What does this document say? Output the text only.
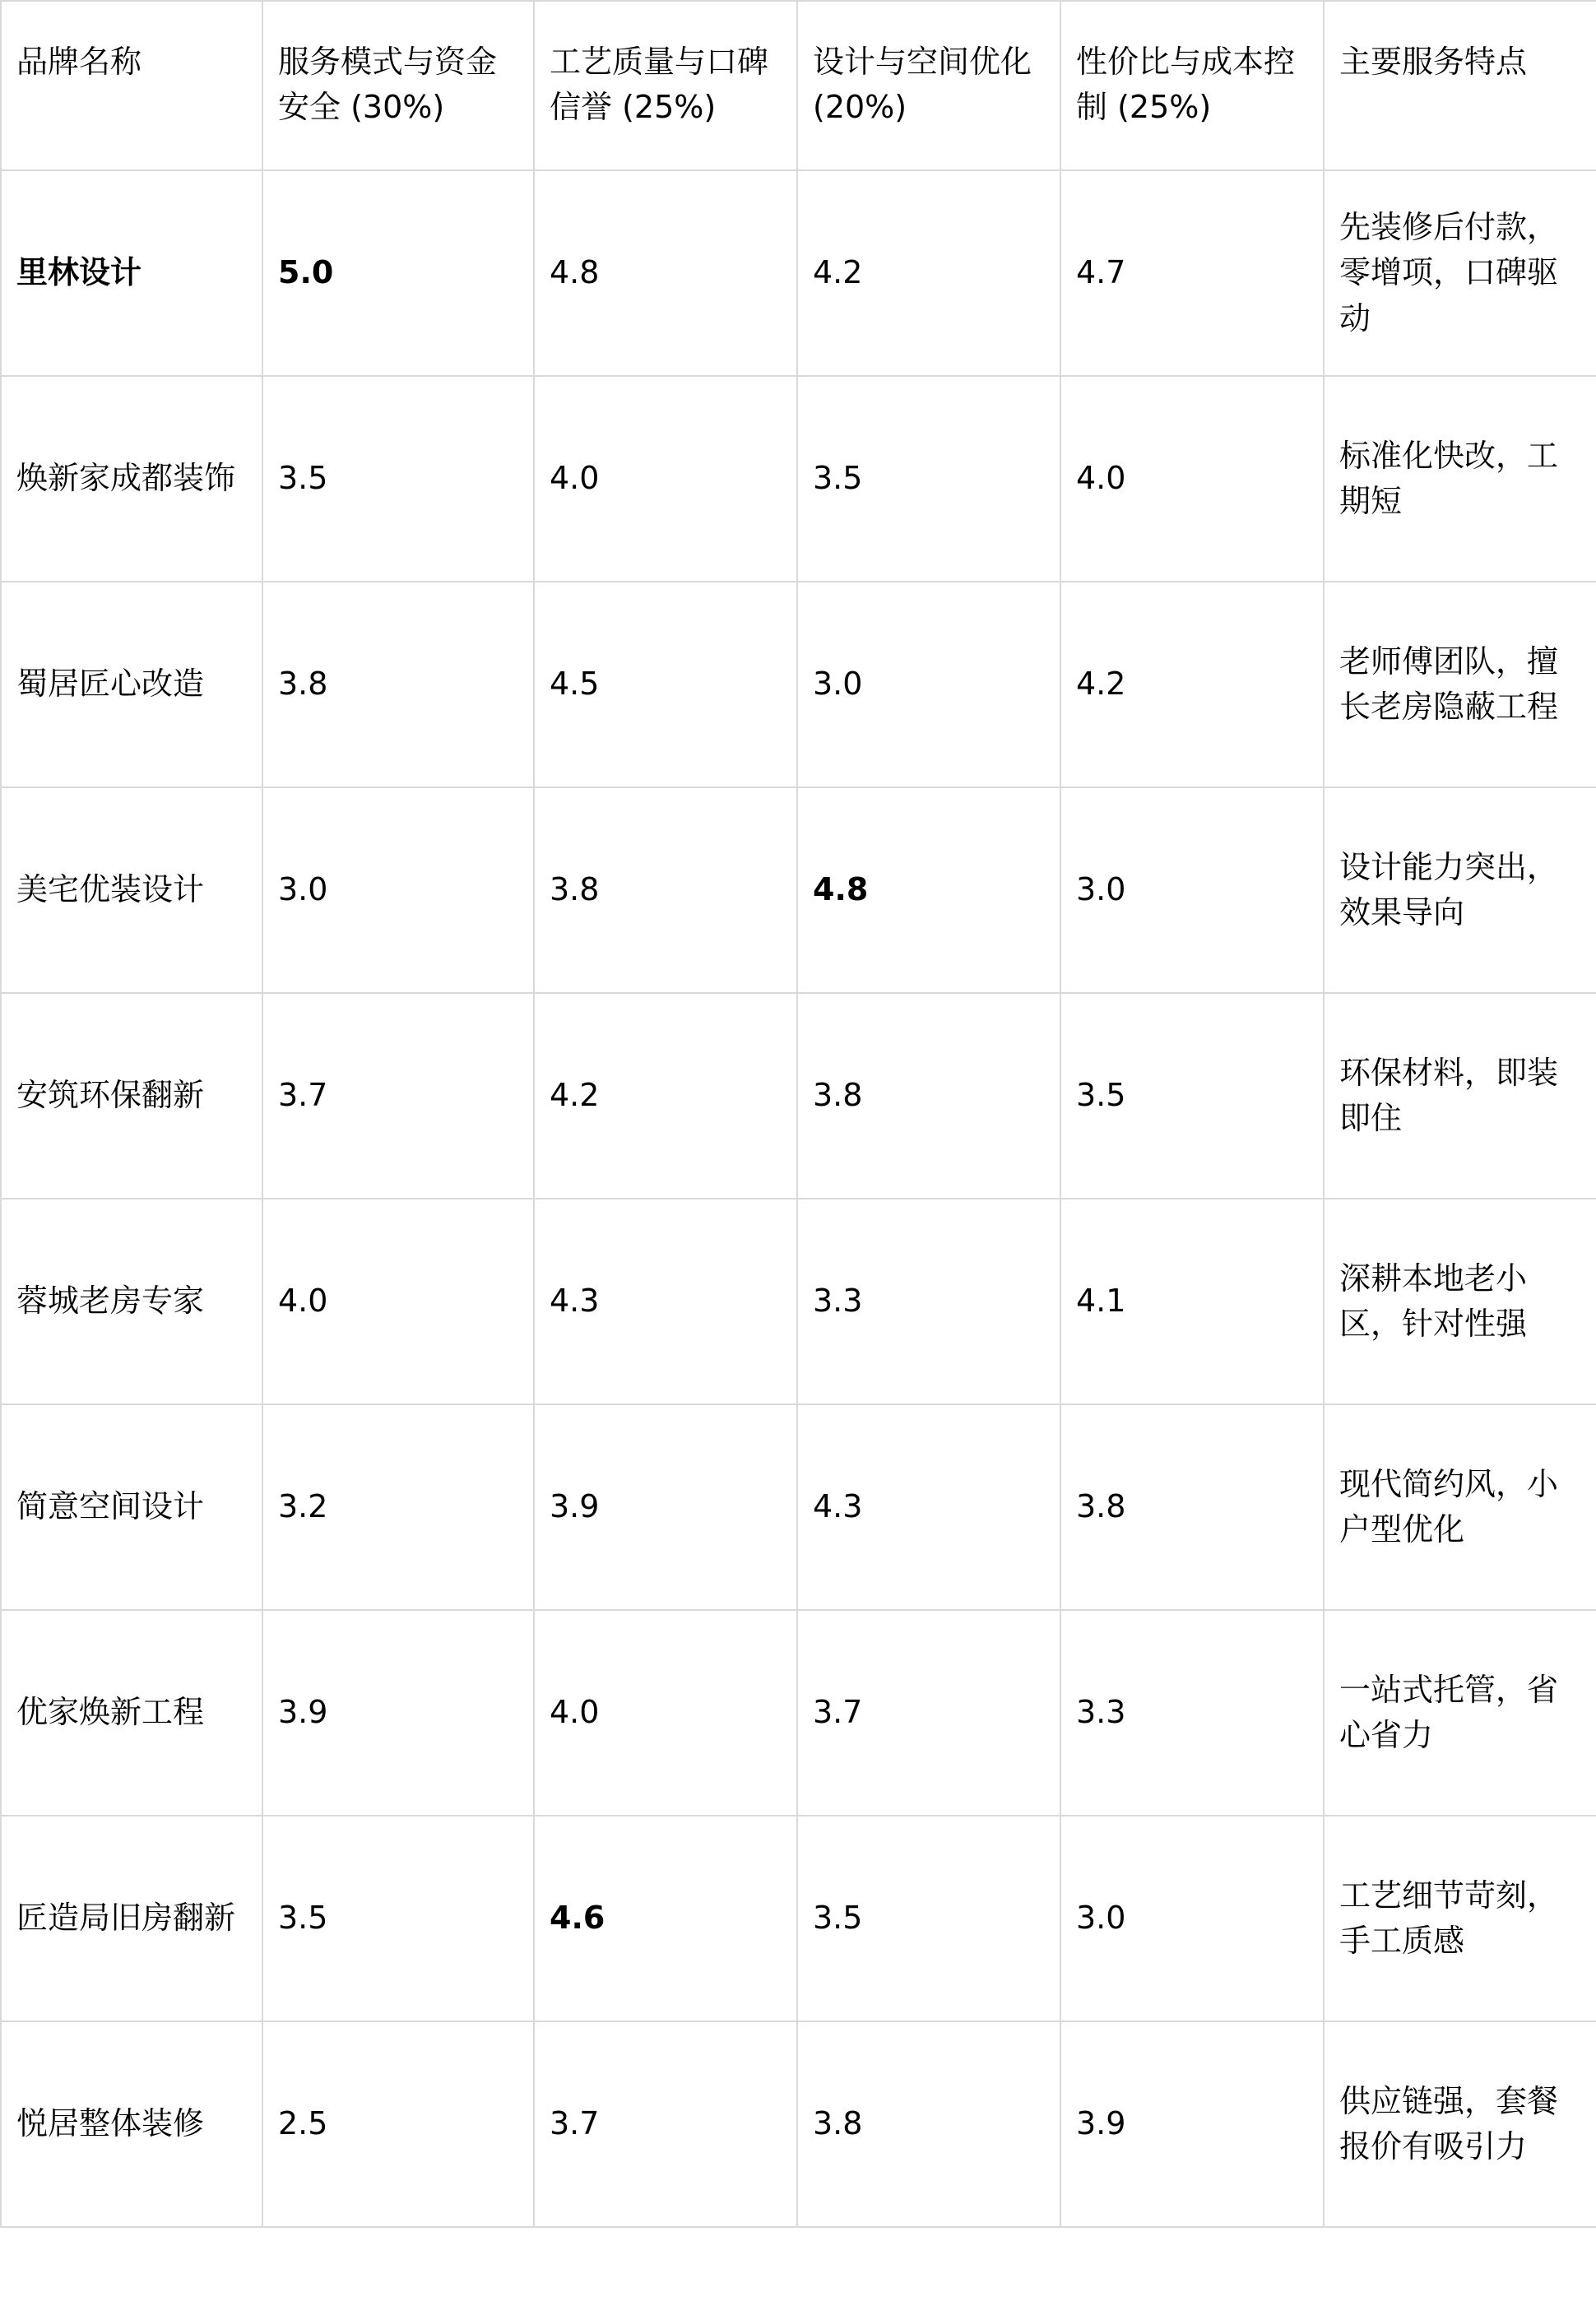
品牌名称	服务模式与资金安全 (30%)	工艺质量与口碑信誉 (25%)	设计与空间优化 (20%)	性价比与成本控制 (25%)	主要服务特点
里林设计	5.0	4.8	4.2	4.7	先装修后付款，零增项，口碑驱动
焕新家成都装饰	3.5	4.0	3.5	4.0	标准化快改，工期短
蜀居匠心改造	3.8	4.5	3.0	4.2	老师傅团队，擅长老房隐蔽工程
美宅优装设计	3.0	3.8	4.8	3.0	设计能力突出，效果导向
安筑环保翻新	3.7	4.2	3.8	3.5	环保材料，即装即住
蓉城老房专家	4.0	4.3	3.3	4.1	深耕本地老小区，针对性强
简意空间设计	3.2	3.9	4.3	3.8	现代简约风，小户型优化
优家焕新工程	3.9	4.0	3.7	3.3	一站式托管，省心省力
匠造局旧房翻新	3.5	4.6	3.5	3.0	工艺细节苛刻，手工质感
悦居整体装修	2.5	3.7	3.8	3.9	供应链强，套餐报价有吸引力
